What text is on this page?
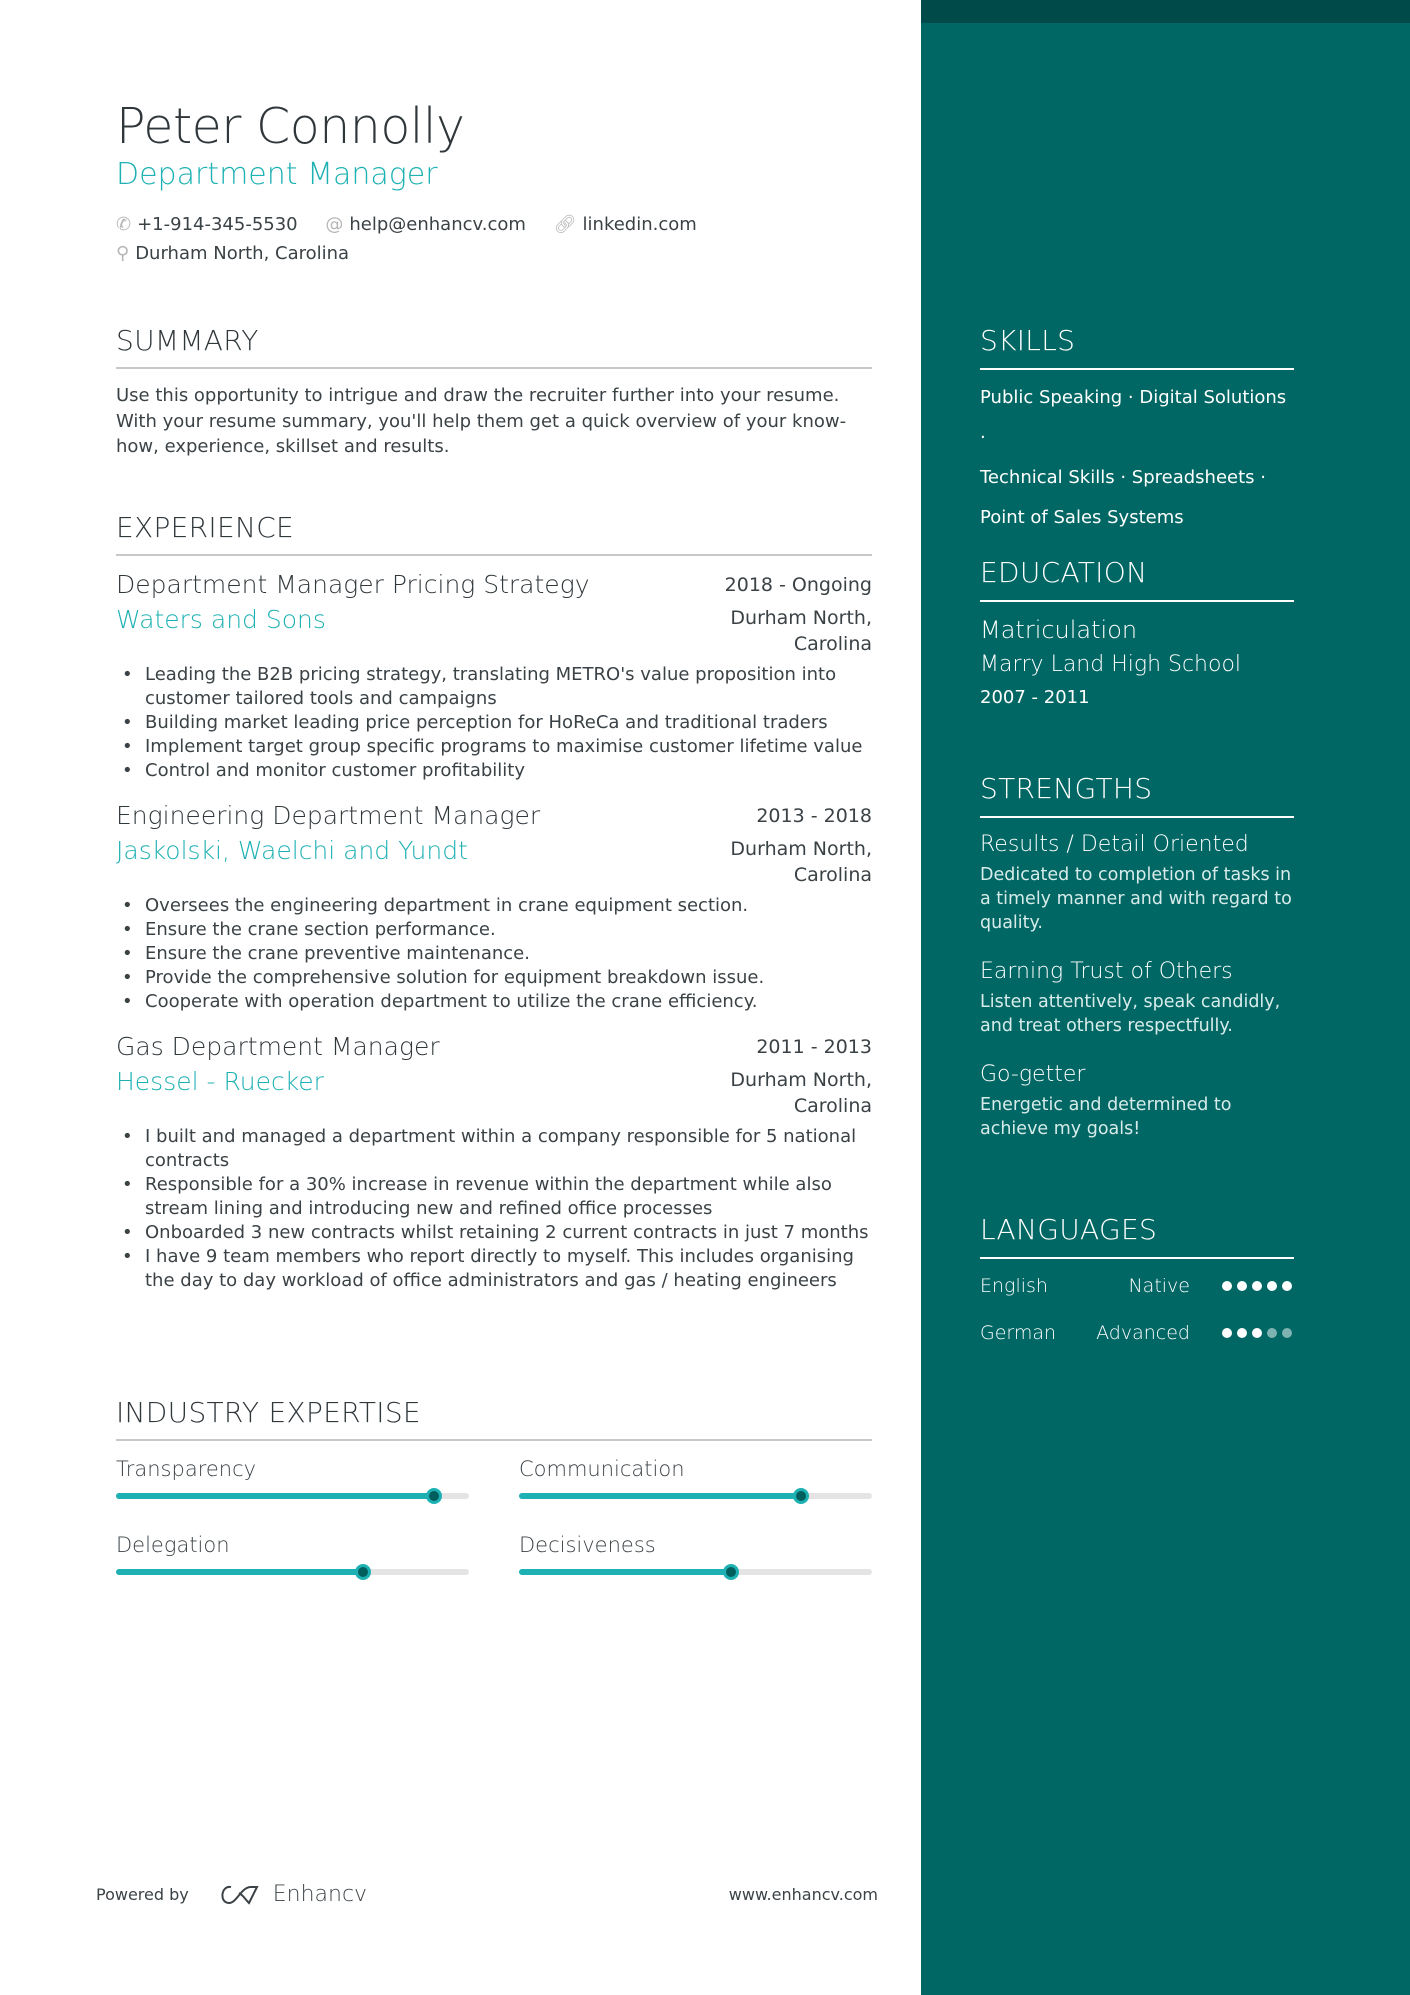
Peter Connolly
Department Manager
✆ +1-914-345-5530 @ help@enhancv.com 🔗︎ linkedin.com
⚲ Durham North, Carolina
SUMMARY

Use this opportunity to intrigue and draw the recruiter further into your resume. With your resume summary, you'll help them get a quick overview of your know-how, experience, skillset and results.

EXPERIENCE
Department Manager Pricing Strategy	2018 - Ongoing
Waters and Sons	Durham North,
Carolina
• Leading the B2B pricing strategy, translating METRO's value proposition into customer tailored tools and campaigns
• Building market leading price perception for HoReCa and traditional traders
• Implement target group specific programs to maximise customer lifetime value
• Control and monitor customer profitability
Engineering Department Manager	2013 - 2018
Jaskolski, Waelchi and Yundt	Durham North,
Carolina
• Oversees the engineering department in crane equipment section.
• Ensure the crane section performance.
• Ensure the crane preventive maintenance.
• Provide the comprehensive solution for equipment breakdown issue.
• Cooperate with operation department to utilize the crane efficiency.
Gas Department Manager	2011 - 2013
Hessel - Ruecker	Durham North,
Carolina
• I built and managed a department within a company responsible for 5 national contracts
• Responsible for a 30% increase in revenue within the department while also stream lining and introducing new and refined office processes
• Onboarded 3 new contracts whilst retaining 2 current contracts in just 7 months
• I have 9 team members who report directly to myself. This includes organising the day to day workload of office administrators and gas / heating engineers
INDUSTRY EXPERTISE
Transparency	Communication
Delegation	Decisiveness
SKILLS
Public Speaking · Digital Solutions ·
Technical Skills · Spreadsheets ·
Point of Sales Systems
EDUCATION
Matriculation
Marry Land High School
2007 - 2011
STRENGTHS
Results / Detail Oriented
Dedicated to completion of tasks in a timely manner and with regard to quality.
Earning Trust of Others
Listen attentively, speak candidly, and treat others respectfully.
Go-getter
Energetic and determined to achieve my goals!
LANGUAGES
English	Native
German	Advanced
Powered by	Enhancv	www.enhancv.com
